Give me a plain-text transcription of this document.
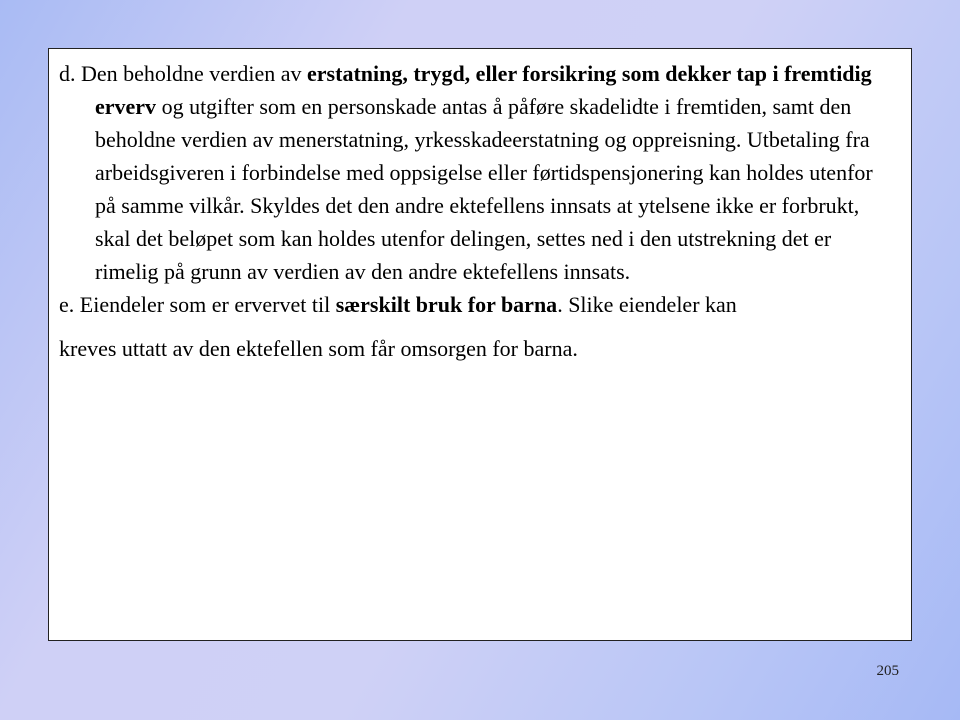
d. Den beholdne verdien av erstatning, trygd, eller forsikring som dekker tap i fremtidig erverv og utgifter som en personskade antas å påføre skadelidte i fremtiden, samt den beholdne verdien av menerstatning, yrkesskadeerstatning og oppreisning. Utbetaling fra arbeidsgiveren i forbindelse med oppsigelse eller førtidspensjonering kan holdes utenfor på samme vilkår. Skyldes det den andre ektefellens innsats at ytelsene ikke er forbrukt, skal det beløpet som kan holdes utenfor delingen, settes ned i den utstrekning det er rimelig på grunn av verdien av den andre ektefellens innsats.

e. Eiendeler som er ervervet til særskilt bruk for barna. Slike eiendeler kan
kreves uttatt av den ektefellen som får omsorgen for barna.

205
